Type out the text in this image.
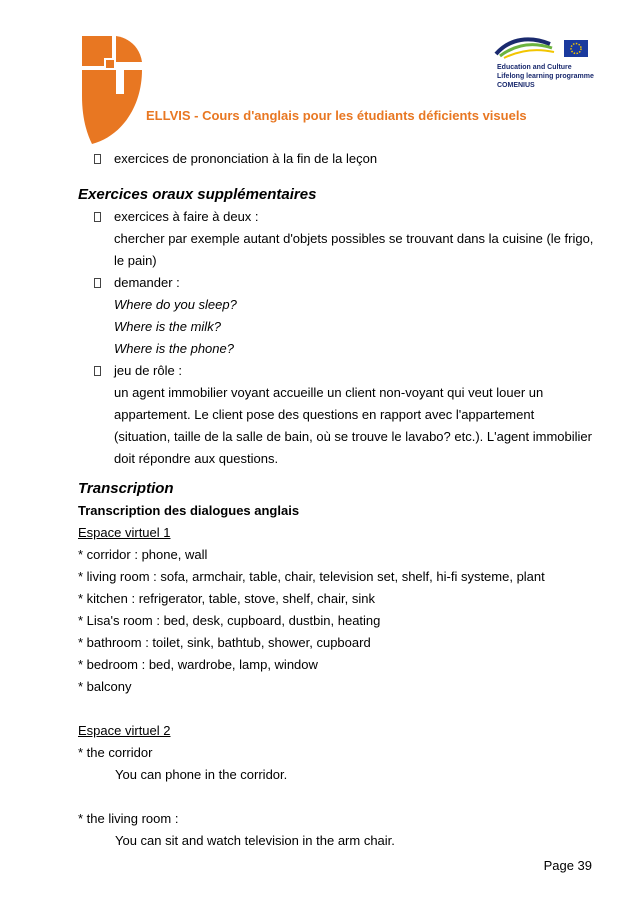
Education and Culture
Lifelong learning programme
COMENIUS
ELLVIS - Cours d'anglais pour les étudiants déficients visuels
exercices de prononciation à la fin de la leçon
Exercices oraux supplémentaires
exercices à faire à deux :
chercher par exemple autant d'objets possibles se trouvant dans la cuisine (le frigo,
le pain)
demander :
Where do you sleep?
Where is the milk?
Where is the phone?
jeu de rôle :
un agent immobilier voyant accueille un client non-voyant qui veut louer un
appartement. Le client pose des questions en rapport avec l'appartement
(situation, taille de la salle de bain, où se trouve le lavabo? etc.). L'agent immobilier
doit répondre aux questions.
Transcription
Transcription des dialogues anglais
Espace virtuel 1
* corridor : phone, wall
* living room : sofa, armchair, table, chair, television set, shelf, hi-fi systeme, plant
* kitchen : refrigerator, table, stove, shelf, chair, sink
* Lisa's room : bed, desk, cupboard, dustbin, heating
* bathroom : toilet, sink, bathtub, shower, cupboard
* bedroom : bed, wardrobe, lamp, window
* balcony
Espace virtuel 2
* the corridor
You can phone in the corridor.
* the living room :
You can sit and watch television in the arm chair.
Page 39
